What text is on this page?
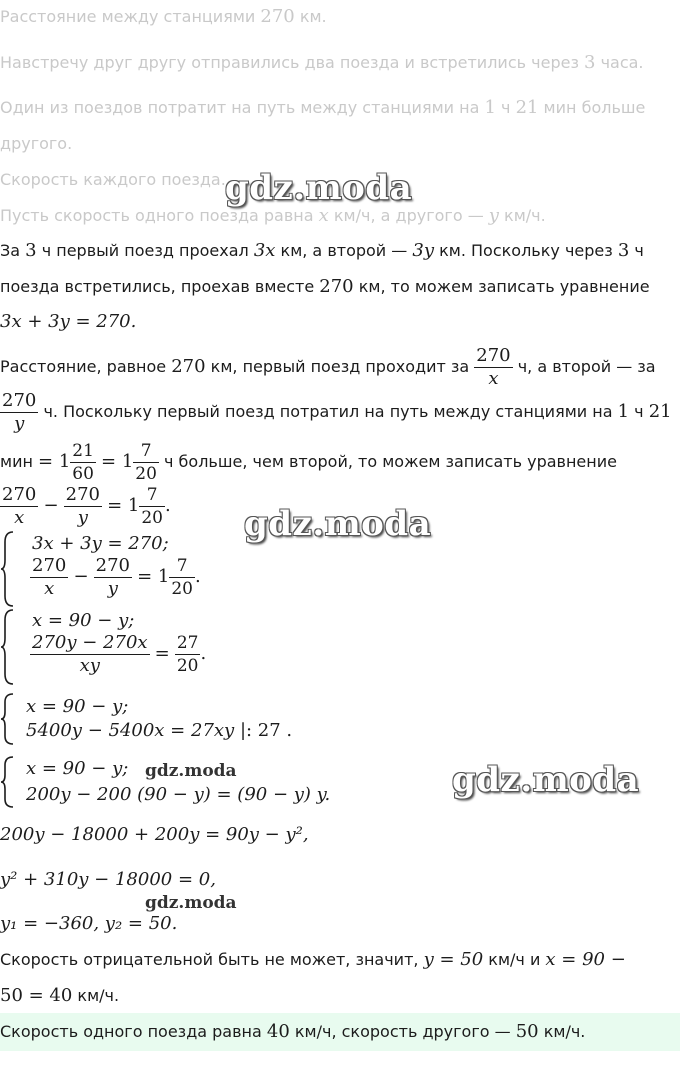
Расстояние между станциями 270 км.
Навстречу друг другу отправились два поезда и встретились через 3 часа.
Один из поездов потратит на путь между станциями на 1 ч 21 мин больше
другого.
Скорость каждого поезда.
Пусть скорость одного поезда равна x км/ч, а другого — y км/ч.
За 3 ч первый поезд проехал 3x км, а второй — 3y км. Поскольку через 3 ч
поезда встретились, проехав вместе 270 км, то можем записать уравнение
3x + 3y = 270.
Расстояние, равное 270 км, первый поезд проходит за $\frac{270}{x} ч$, а второй — за
$\frac{270}{y} ч$. Поскольку первый поезд потратил на путь между станциями на 1 ч 21
мин = $1 \frac{21}{60} = 1 \frac{7}{20}$ ч больше, чем второй, то можем записать уравнение
$\frac{270}{x} - \frac{270}{y} = 1 \frac{7}{20}$ .
3x + 3y = 270;
$\frac{270}{x} - \frac{270}{y} = 1 \frac{7}{20}$ .
x = 90 − y;
$\frac{270y - 270x}{xy} = \frac{27}{20}$ .
x = 90 − y;
5400y − 5400x = 27xy |: 27 .
x = 90 − y;
200y − 200 (90 − y) = (90 − y) y.
200y − 18000 + 200y = 90y − y²,
y² + 310y − 18000 = 0,
y₁ = −360, y₂ = 50.
Скорость отрицательной быть не может, значит, y = 50 км/ч и x = 90 −
50 = 40 км/ч.
Скорость одного поезда равна 40 км/ч, скорость другого — 50 км/ч.
gdz.moda
gdz.moda
gdz.moda
gdz.moda
gdz.moda
